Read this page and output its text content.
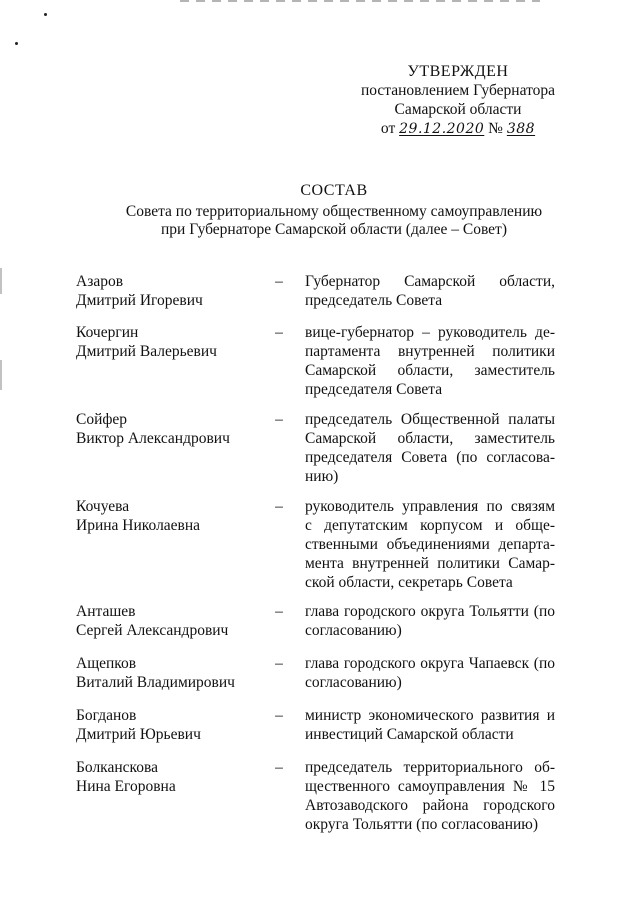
УТВЕРЖДЕН
постановлением Губернатора
Самарской области
от 29.12.2020 № 388
СОСТАВ
Совета по территориальному общественному самоуправлению
при Губернаторе Самарской области (далее – Совет)
Азаров
Дмитрий Игоревич
– Губернатор Самарской области,
председатель Совета
Кочергин
Дмитрий Валерьевич
– вице-губернатор – руководитель де-
партамента внутренней политики
Самарской области, заместитель
председателя Совета
Сойфер
Виктор Александрович
– председатель Общественной палаты
Самарской области, заместитель
председателя Совета (по согласова-
нию)
Кочуева
Ирина Николаевна
– руководитель управления по связям
с депутатским корпусом и обще-
ственными объединениями департа-
мента внутренней политики Самар-
ской области, секретарь Совета
Анташев
Сергей Александрович
– глава городского округа Тольятти (по
согласованию)
Ащепков
Виталий Владимирович
– глава городского округа Чапаевск (по
согласованию)
Богданов
Дмитрий Юрьевич
– министр экономического развития и
инвестиций Самарской области
Болканскова
Нина Егоровна
– председатель территориального об-
щественного самоуправления № 15
Автозаводского района городского
округа Тольятти (по согласованию)
